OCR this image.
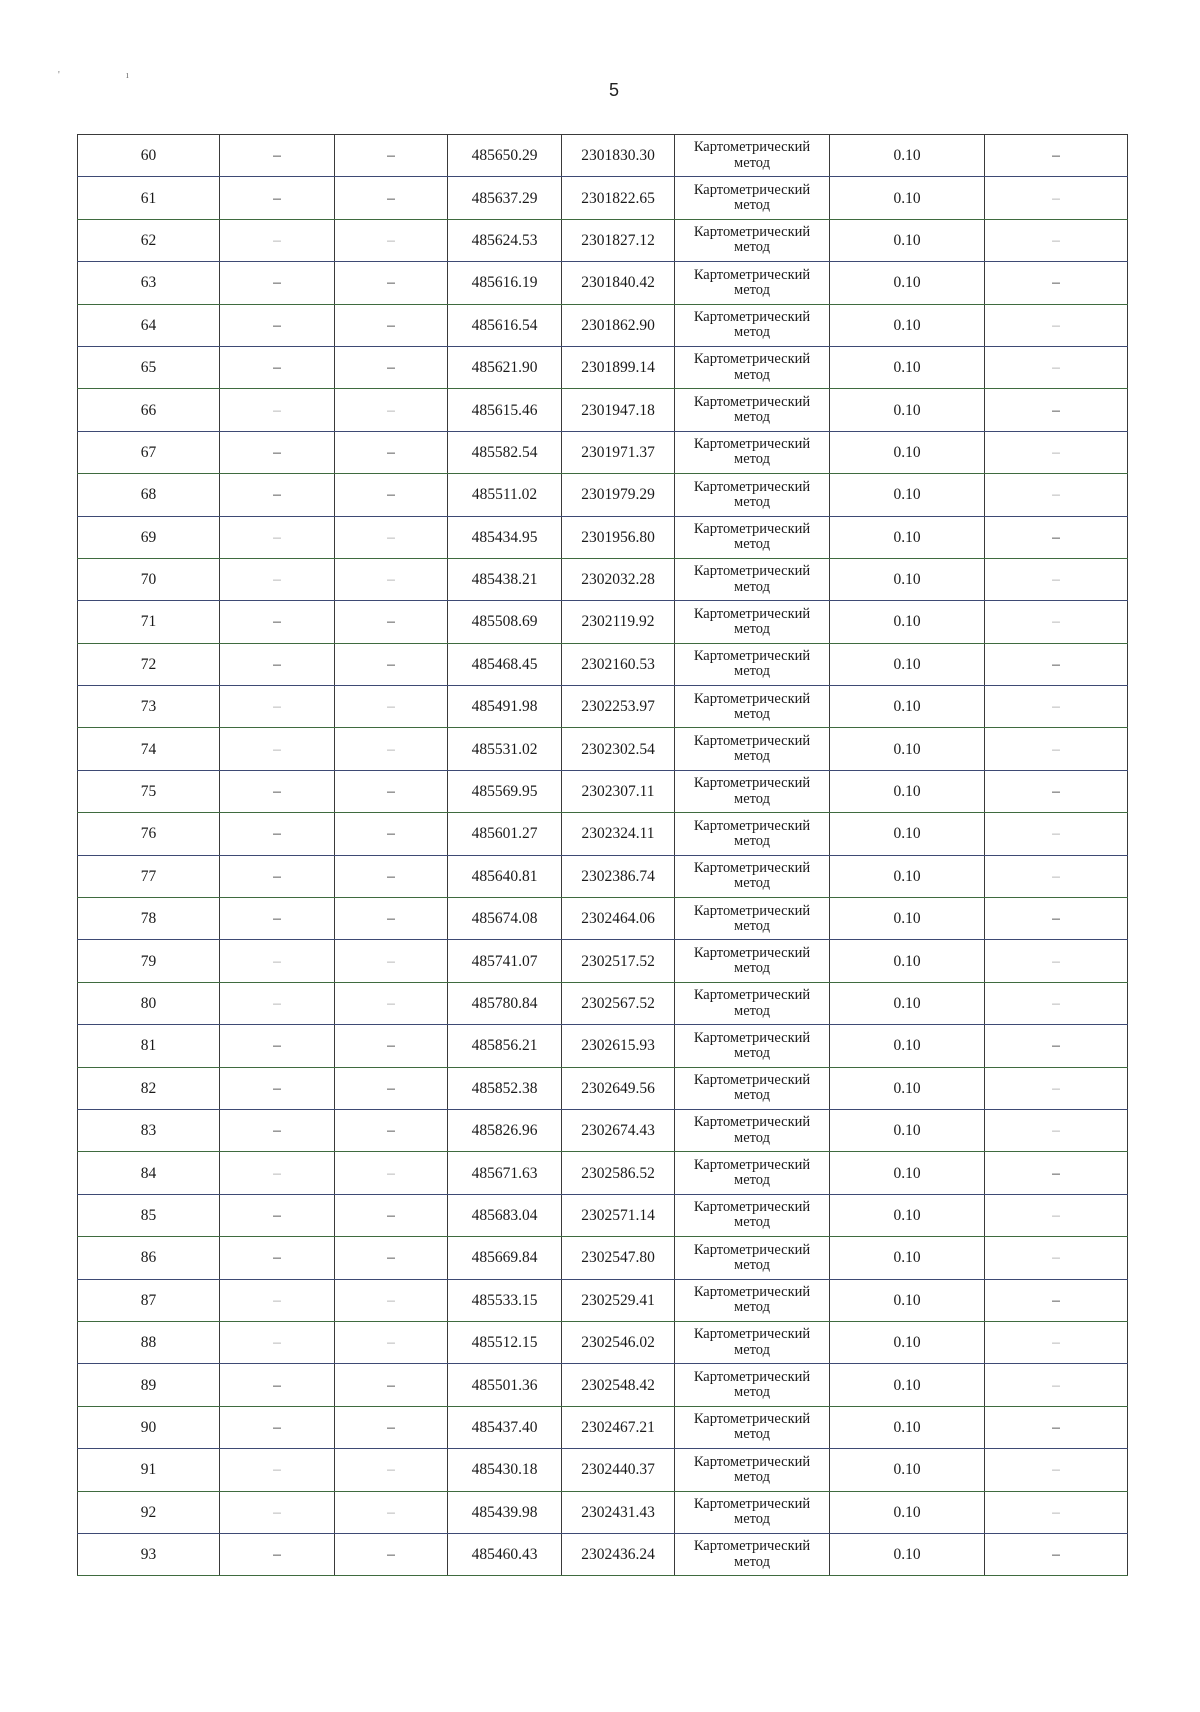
'	ı
5
60	–	–	485650.29	2301830.30	Картометрический метод	0.10	–
61	–	–	485637.29	2301822.65	Картометрический метод	0.10	–
62	–	–	485624.53	2301827.12	Картометрический метод	0.10	–
63	–	–	485616.19	2301840.42	Картометрический метод	0.10	–
64	–	–	485616.54	2301862.90	Картометрический метод	0.10	–
65	–	–	485621.90	2301899.14	Картометрический метод	0.10	–
66	–	–	485615.46	2301947.18	Картометрический метод	0.10	–
67	–	–	485582.54	2301971.37	Картометрический метод	0.10	–
68	–	–	485511.02	2301979.29	Картометрический метод	0.10	–
69	–	–	485434.95	2301956.80	Картометрический метод	0.10	–
70	–	–	485438.21	2302032.28	Картометрический метод	0.10	–
71	–	–	485508.69	2302119.92	Картометрический метод	0.10	–
72	–	–	485468.45	2302160.53	Картометрический метод	0.10	–
73	–	–	485491.98	2302253.97	Картометрический метод	0.10	–
74	–	–	485531.02	2302302.54	Картометрический метод	0.10	–
75	–	–	485569.95	2302307.11	Картометрический метод	0.10	–
76	–	–	485601.27	2302324.11	Картометрический метод	0.10	–
77	–	–	485640.81	2302386.74	Картометрический метод	0.10	–
78	–	–	485674.08	2302464.06	Картометрический метод	0.10	–
79	–	–	485741.07	2302517.52	Картометрический метод	0.10	–
80	–	–	485780.84	2302567.52	Картометрический метод	0.10	–
81	–	–	485856.21	2302615.93	Картометрический метод	0.10	–
82	–	–	485852.38	2302649.56	Картометрический метод	0.10	–
83	–	–	485826.96	2302674.43	Картометрический метод	0.10	–
84	–	–	485671.63	2302586.52	Картометрический метод	0.10	–
85	–	–	485683.04	2302571.14	Картометрический метод	0.10	–
86	–	–	485669.84	2302547.80	Картометрический метод	0.10	–
87	–	–	485533.15	2302529.41	Картометрический метод	0.10	–
88	–	–	485512.15	2302546.02	Картометрический метод	0.10	–
89	–	–	485501.36	2302548.42	Картометрический метод	0.10	–
90	–	–	485437.40	2302467.21	Картометрический метод	0.10	–
91	–	–	485430.18	2302440.37	Картометрический метод	0.10	–
92	–	–	485439.98	2302431.43	Картометрический метод	0.10	–
93	–	–	485460.43	2302436.24	Картометрический метод	0.10	–
